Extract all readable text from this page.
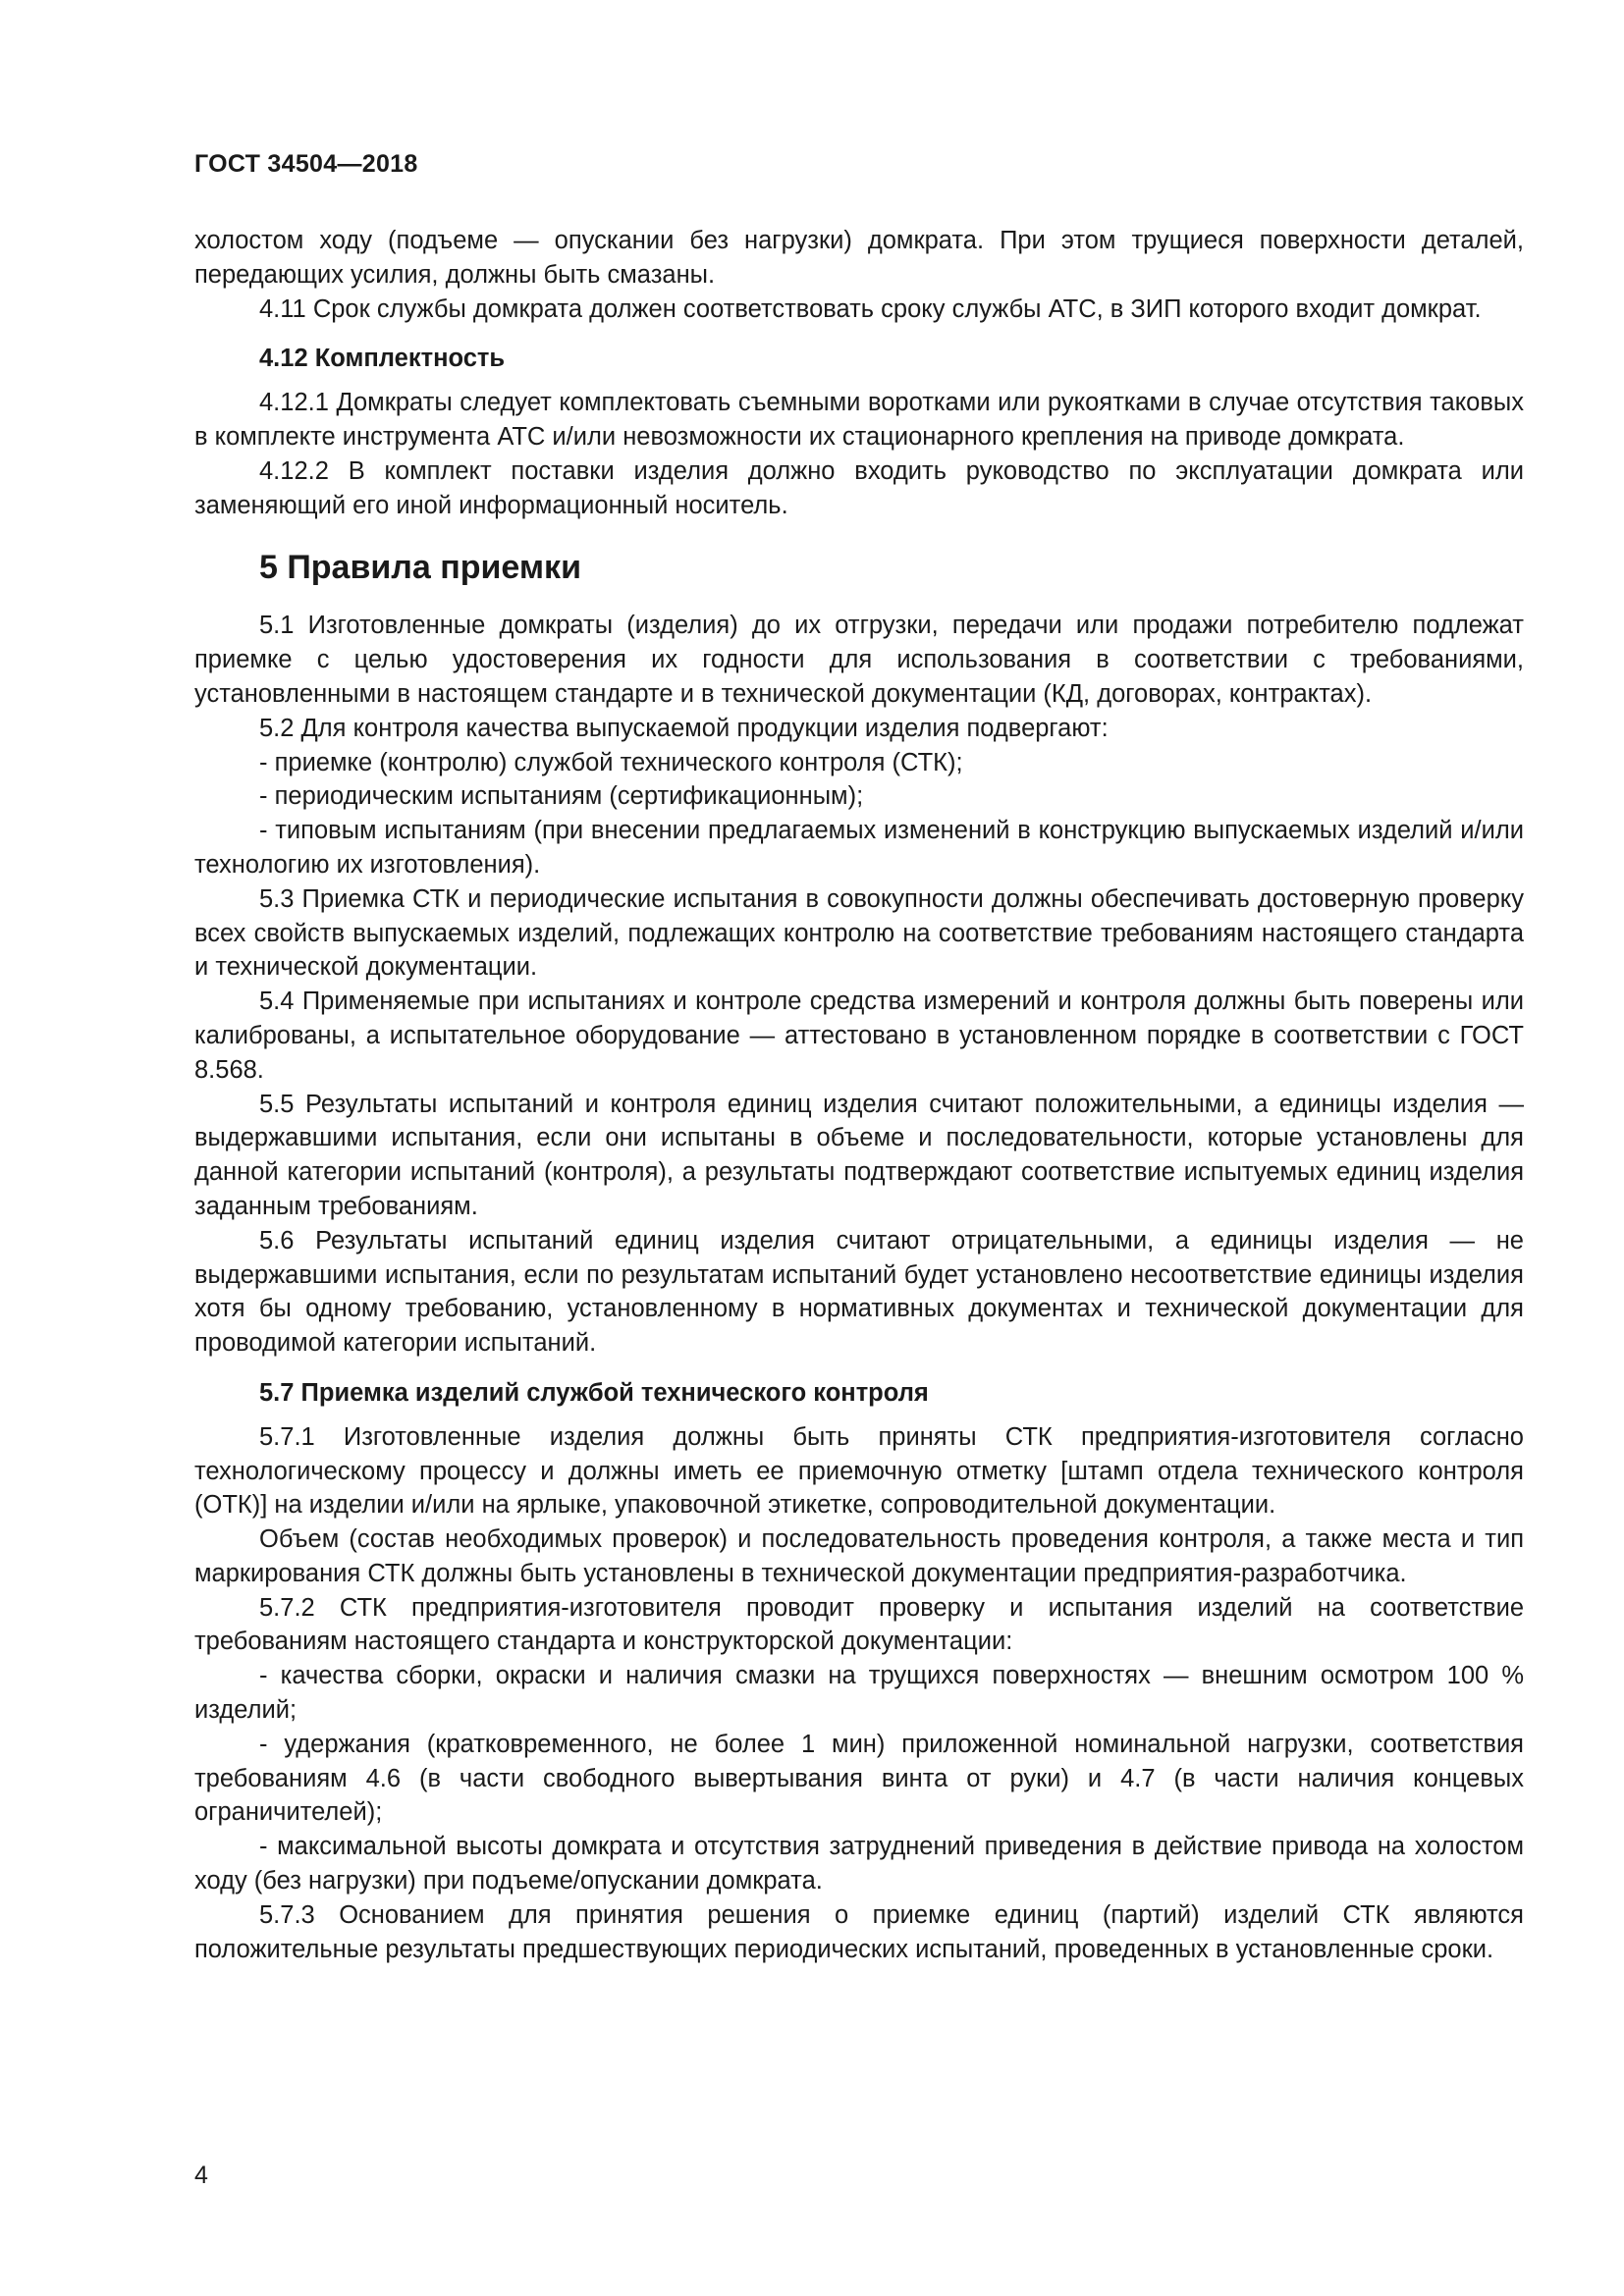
ГОСТ 34504—2018

холостом ходу (подъеме — опускании без нагрузки) домкрата. При этом трущиеся поверхности деталей, передающих усилия, должны быть смазаны.

4.11 Срок службы домкрата должен соответствовать сроку службы АТС, в ЗИП которого входит домкрат.

4.12 Комплектность

4.12.1 Домкраты следует комплектовать съемными воротками или рукоятками в случае отсутствия таковых в комплекте инструмента АТС и/или невозможности их стационарного крепления на приводе домкрата.

4.12.2 В комплект поставки изделия должно входить руководство по эксплуатации домкрата или заменяющий его иной информационный носитель.

5 Правила приемки

5.1 Изготовленные домкраты (изделия) до их отгрузки, передачи или продажи потребителю подлежат приемке с целью удостоверения их годности для использования в соответствии с требованиями, установленными в настоящем стандарте и в технической документации (КД, договорах, контрактах).

5.2 Для контроля качества выпускаемой продукции изделия подвергают:

- приемке (контролю) службой технического контроля (СТК);

- периодическим испытаниям (сертификационным);

- типовым испытаниям (при внесении предлагаемых изменений в конструкцию выпускаемых изделий и/или технологию их изготовления).

5.3 Приемка СТК и периодические испытания в совокупности должны обеспечивать достоверную проверку всех свойств выпускаемых изделий, подлежащих контролю на соответствие требованиям настоящего стандарта и технической документации.

5.4 Применяемые при испытаниях и контроле средства измерений и контроля должны быть поверены или калиброваны, а испытательное оборудование — аттестовано в установленном порядке в соответствии с ГОСТ 8.568.

5.5 Результаты испытаний и контроля единиц изделия считают положительными, а единицы изделия — выдержавшими испытания, если они испытаны в объеме и последовательности, которые установлены для данной категории испытаний (контроля), а результаты подтверждают соответствие испытуемых единиц изделия заданным требованиям.

5.6 Результаты испытаний единиц изделия считают отрицательными, а единицы изделия — не выдержавшими испытания, если по результатам испытаний будет установлено несоответствие единицы изделия хотя бы одному требованию, установленному в нормативных документах и технической документации для проводимой категории испытаний.

5.7 Приемка изделий службой технического контроля

5.7.1 Изготовленные изделия должны быть приняты СТК предприятия-изготовителя согласно технологическому процессу и должны иметь ее приемочную отметку [штамп отдела технического контроля (ОТК)] на изделии и/или на ярлыке, упаковочной этикетке, сопроводительной документации.

Объем (состав необходимых проверок) и последовательность проведения контроля, а также места и тип маркирования СТК должны быть установлены в технической документации предприятия-разработчика.

5.7.2 СТК предприятия-изготовителя проводит проверку и испытания изделий на соответствие требованиям настоящего стандарта и конструкторской документации:

- качества сборки, окраски и наличия смазки на трущихся поверхностях — внешним осмотром 100 % изделий;

- удержания (кратковременного, не более 1 мин) приложенной номинальной нагрузки, соответствия требованиям 4.6 (в части свободного вывертывания винта от руки) и 4.7 (в части наличия концевых ограничителей);

- максимальной высоты домкрата и отсутствия затруднений приведения в действие привода на холостом ходу (без нагрузки) при подъеме/опускании домкрата.

5.7.3 Основанием для принятия решения о приемке единиц (партий) изделий СТК являются положительные результаты предшествующих периодических испытаний, проведенных в установленные сроки.

4
